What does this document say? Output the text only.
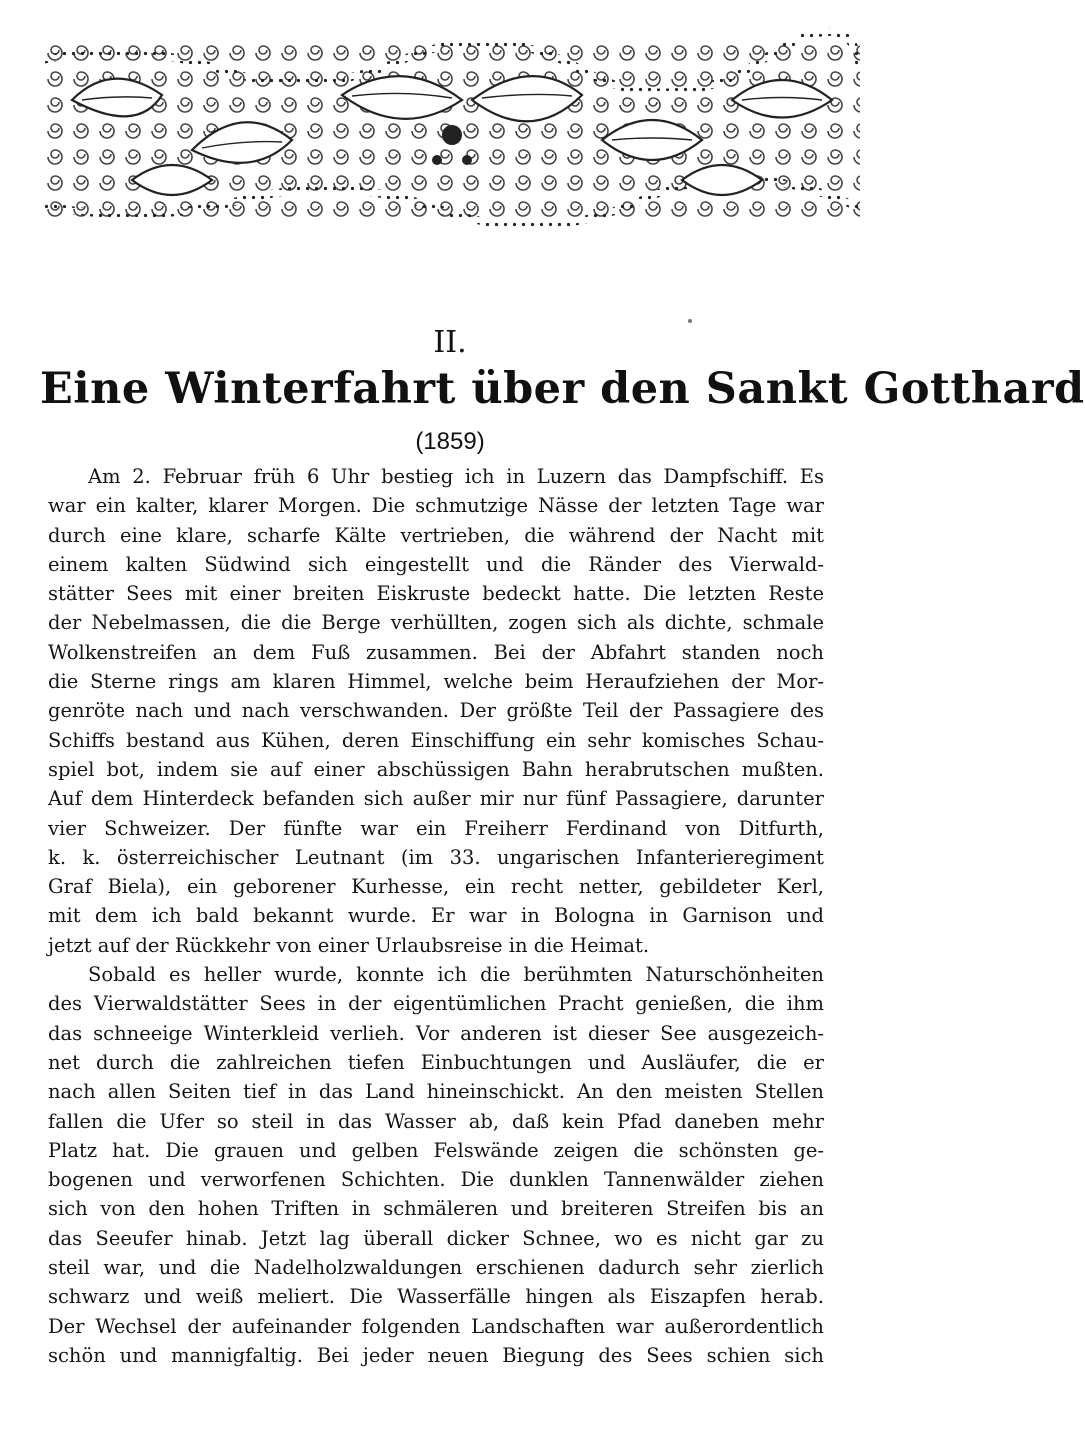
II.
Eine Winterfahrt über den Sankt Gotthard
(1859)
Am 2. Februar früh 6 Uhr bestieg ich in Luzern das Dampfschiff. Es
war ein kalter, klarer Morgen. Die schmutzige Nässe der letzten Tage war
durch eine klare, scharfe Kälte vertrieben, die während der Nacht mit
einem kalten Südwind sich eingestellt und die Ränder des Vierwald-
stätter Sees mit einer breiten Eiskruste bedeckt hatte. Die letzten Reste
der Nebelmassen, die die Berge verhüllten, zogen sich als dichte, schmale
Wolkenstreifen an dem Fuß zusammen. Bei der Abfahrt standen noch
die Sterne rings am klaren Himmel, welche beim Heraufziehen der Mor-
genröte nach und nach verschwanden. Der größte Teil der Passagiere des
Schiffs bestand aus Kühen, deren Einschiffung ein sehr komisches Schau-
spiel bot, indem sie auf einer abschüssigen Bahn herabrutschen mußten.
Auf dem Hinterdeck befanden sich außer mir nur fünf Passagiere, darunter
vier Schweizer. Der fünfte war ein Freiherr Ferdinand von Ditfurth,
k. k. österreichischer Leutnant (im 33. ungarischen Infanterieregiment
Graf Biela), ein geborener Kurhesse, ein recht netter, gebildeter Kerl,
mit dem ich bald bekannt wurde. Er war in Bologna in Garnison und
jetzt auf der Rückkehr von einer Urlaubsreise in die Heimat.
Sobald es heller wurde, konnte ich die berühmten Naturschönheiten
des Vierwaldstätter Sees in der eigentümlichen Pracht genießen, die ihm
das schneeige Winterkleid verlieh. Vor anderen ist dieser See ausgezeich-
net durch die zahlreichen tiefen Einbuchtungen und Ausläufer, die er
nach allen Seiten tief in das Land hineinschickt. An den meisten Stellen
fallen die Ufer so steil in das Wasser ab, daß kein Pfad daneben mehr
Platz hat. Die grauen und gelben Felswände zeigen die schönsten ge-
bogenen und verworfenen Schichten. Die dunklen Tannenwälder ziehen
sich von den hohen Triften in schmäleren und breiteren Streifen bis an
das Seeufer hinab. Jetzt lag überall dicker Schnee, wo es nicht gar zu
steil war, und die Nadelholzwaldungen erschienen dadurch sehr zierlich
schwarz und weiß meliert. Die Wasserfälle hingen als Eiszapfen herab.
Der Wechsel der aufeinander folgenden Landschaften war außerordentlich
schön und mannigfaltig. Bei jeder neuen Biegung des Sees schien sich
